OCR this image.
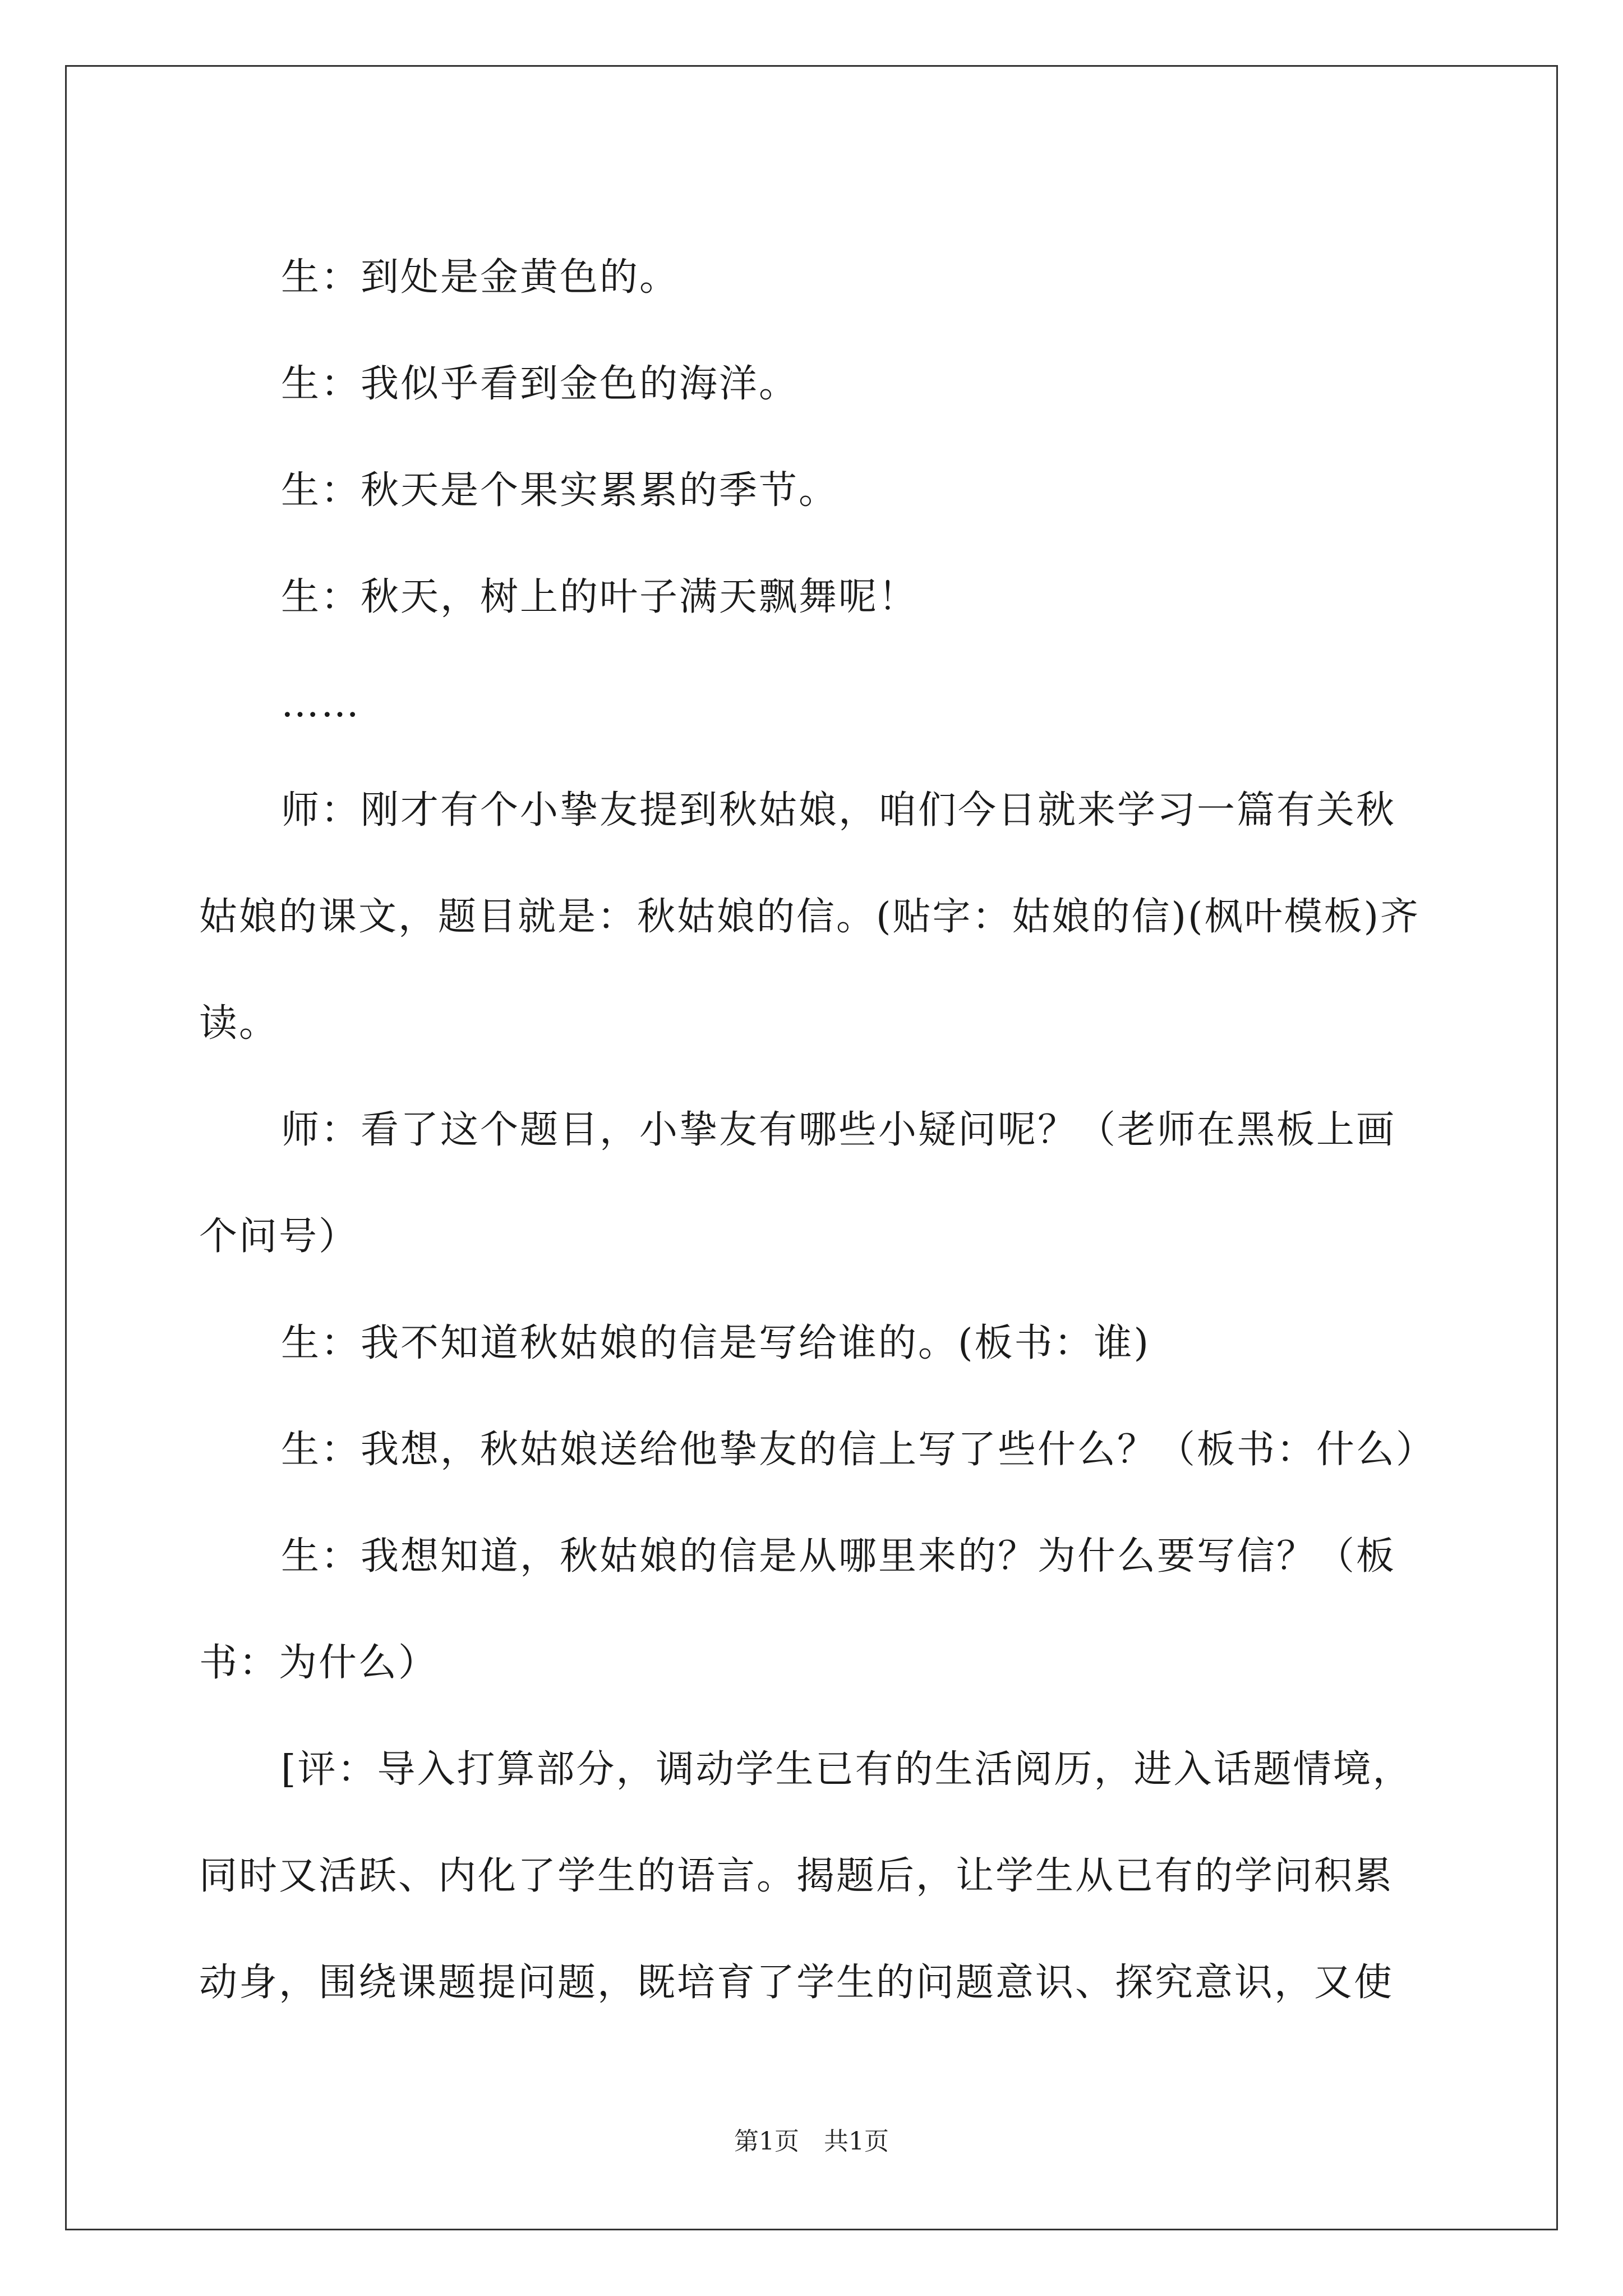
生：到处是金黄色的。

生：我似乎看到金色的海洋。

生：秋天是个果实累累的季节。

生：秋天，树上的叶子满天飘舞呢！

……

师：刚才有个小挚友提到秋姑娘，咱们今日就来学习一篇有关秋姑娘的课文，题目就是：秋姑娘的信。(贴字：姑娘的信)(枫叶模板)齐读。

师：看了这个题目，小挚友有哪些小疑问呢？（老师在黑板上画个问号）

生：我不知道秋姑娘的信是写给谁的。(板书：谁)

生：我想，秋姑娘送给他挚友的信上写了些什么？（板书：什么）

生：我想知道，秋姑娘的信是从哪里来的？为什么要写信？（板书：为什么）

[评：导入打算部分，调动学生已有的生活阅历，进入话题情境，同时又活跃、内化了学生的语言。揭题后，让学生从已有的学问积累动身，围绕课题提问题，既培育了学生的问题意识、探究意识，又使

第1页　共1页
